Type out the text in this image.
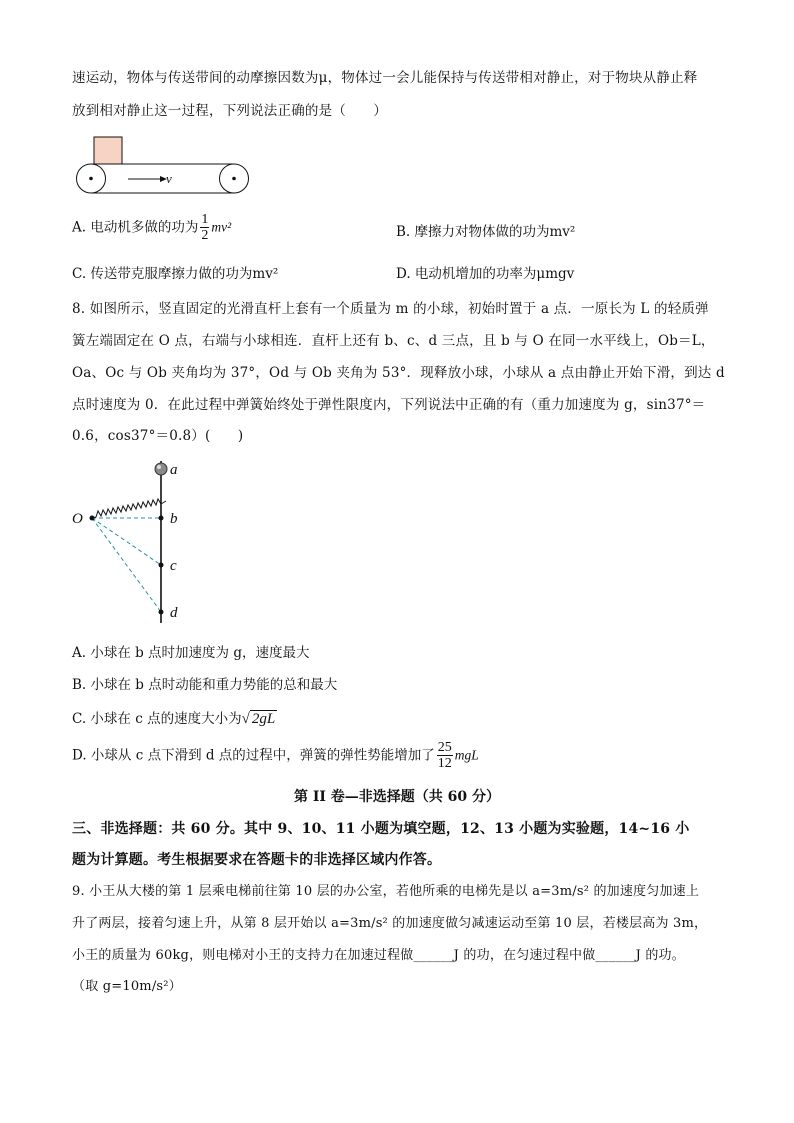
速运动，物体与传送带间的动摩擦因数为μ，物体过一会儿能保持与传送带相对静止，对于物块从静止释
放到相对静止这一过程，下列说法正确的是（　　）
v
A. 电动机多做的功为 $\frac{1}{2} mv^2$	B. 摩擦力对物体做的功为mv²
C. 传送带克服摩擦力做的功为mv²	D. 电动机增加的功率为μmgv
8. 如图所示，竖直固定的光滑直杆上套有一个质量为 m 的小球，初始时置于 a 点．一原长为 L 的轻质弹
簧左端固定在 O 点，右端与小球相连．直杆上还有 b、c、d 三点，且 b 与 O 在同一水平线上，Ob＝L，
Oa、Oc 与 Ob 夹角均为 37°，Od 与 Ob 夹角为 53°．现释放小球，小球从 a 点由静止开始下滑，到达 d
点时速度为 0．在此过程中弹簧始终处于弹性限度内，下列说法中正确的有（重力加速度为 g，sin37°＝
0.6，cos37°＝0.8）(　　)
O
a
b
c
d
A. 小球在 b 点时加速度为 g，速度最大
B. 小球在 b 点时动能和重力势能的总和最大
C. 小球在 c 点的速度大小为√ 2gL
D. 小球从 c 点下滑到 d 点的过程中，弹簧的弹性势能增加了 $\frac{25}{12}$ mgL
第 II 卷—非选择题（共 60 分）
三、非选择题：共 60 分。其中 9、10、11 小题为填空题，12、13 小题为实验题，14~16 小
题为计算题。考生根据要求在答题卡的非选择区域内作答。
9. 小王从大楼的第 1 层乘电梯前往第 10 层的办公室，若他所乘的电梯先是以 a=3m/s² 的加速度匀加速上
升了两层，接着匀速上升，从第 8 层开始以 a=3m/s² 的加速度做匀减速运动至第 10 层，若楼层高为 3m，
小王的质量为 60kg，则电梯对小王的支持力在加速过程做______J 的功，在匀速过程中做______J 的功。
（取 g=10m/s²）
